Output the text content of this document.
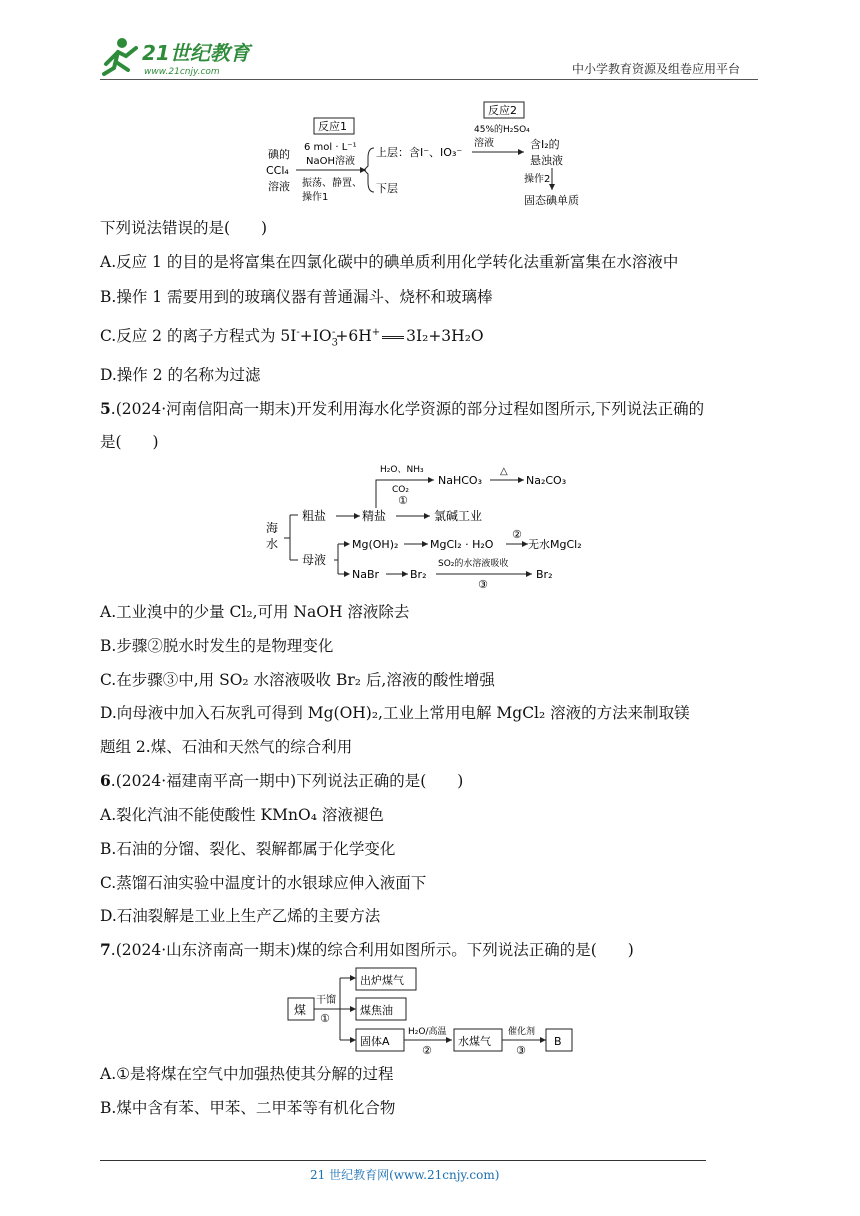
21世纪教育
www.21cnjy.com	中小学教育资源及组卷应用平台
反应1
6 mol · L⁻¹
NaOH溶液
碘的
CCl₄
溶液 振荡、静置、
操作1
上层：含I⁻、IO₃⁻
下层
反应2
45%的H₂SO₄
溶液	含I₂的
悬浊液
操作2
固态碘单质
下列说法错误的是(　　)
A.反应 1 的目的是将富集在四氯化碳中的碘单质利用化学转化法重新富集在水溶液中
B.操作 1 需要用到的玻璃仪器有普通漏斗、烧杯和玻璃棒
C.反应 2 的离子方程式为 $5I^-+IO_3^-+6H^+$ 3I₂+3H₂O
D.操作 2 的名称为过滤
5.(2024·河南信阳高一期末)开发利用海水化学资源的部分过程如图所示,下列说法正确的
是(　　)
海
水
粗盐	精盐	氯碱工业
H₂O、NH₃
CO₂
①
NaHCO₃
△
Na₂CO₃
母液
Mg(OH)₂	MgCl₂ · H₂O
②
无水MgCl₂
NaBr	Br₂
SO₂的水溶液吸收
③
Br₂
A.工业溴中的少量 Cl₂,可用 NaOH 溶液除去
B.步骤②脱水时发生的是物理变化
C.在步骤③中,用 SO₂ 水溶液吸收 Br₂ 后,溶液的酸性增强
D.向母液中加入石灰乳可得到 Mg(OH)₂,工业上常用电解 MgCl₂ 溶液的方法来制取镁
题组 2.煤、石油和天然气的综合利用
6.(2024·福建南平高一期中)下列说法正确的是(　　)
A.裂化汽油不能使酸性 KMnO₄ 溶液褪色
B.石油的分馏、裂化、裂解都属于化学变化
C.蒸馏石油实验中温度计的水银球应伸入液面下
D.石油裂解是工业上生产乙烯的主要方法
7.(2024·山东济南高一期末)煤的综合利用如图所示。下列说法正确的是(　　)
煤
干馏
①
出炉煤气
煤焦油
固体A
H₂O/高温
②
水煤气
催化剂
③
B
A.①是将煤在空气中加强热使其分解的过程
B.煤中含有苯、甲苯、二甲苯等有机化合物
21 世纪教育网(www.21cnjy.com)
